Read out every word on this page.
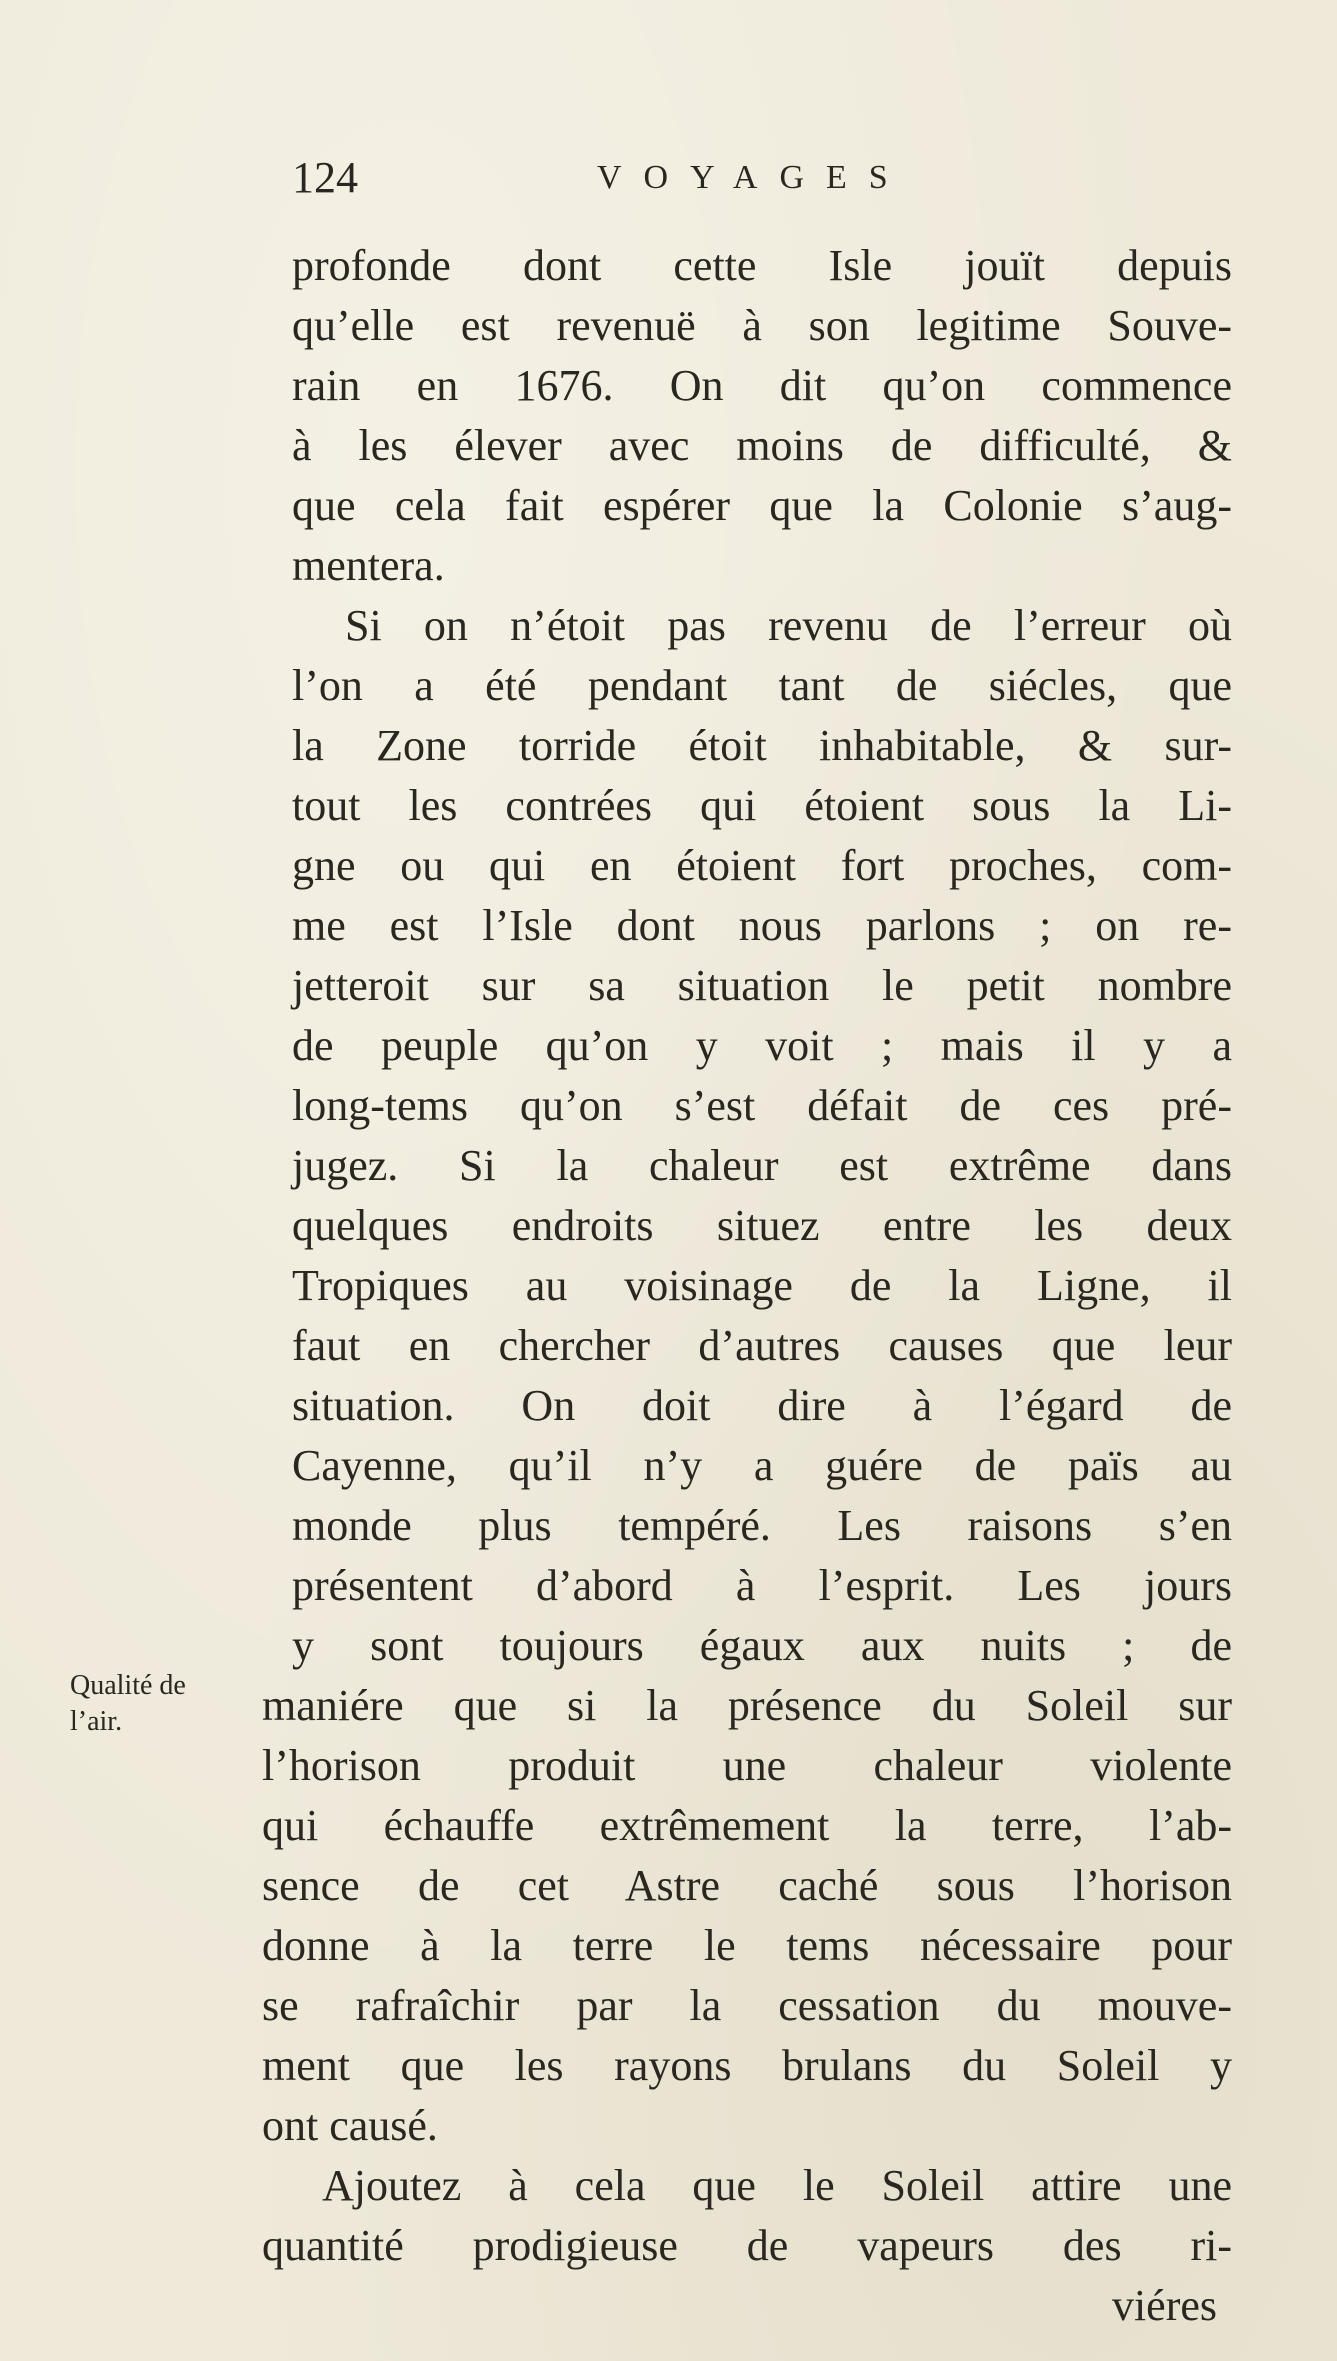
124	VOYAGES
profonde dont cette Isle jouït depuis
qu’elle est revenuë à son legitime Souve-
rain en 1676. On dit qu’on commence
à les élever avec moins de difficulté, &
que cela fait espérer que la Colonie s’aug-
mentera.
Si on n’étoit pas revenu de l’erreur où
l’on a été pendant tant de siécles, que
la Zone torride étoit inhabitable, & sur-
tout les contrées qui étoient sous la Li-
gne ou qui en étoient fort proches, com-
me est l’Isle dont nous parlons ; on re-
jetteroit sur sa situation le petit nombre
de peuple qu’on y voit ; mais il y a
long-tems qu’on s’est défait de ces pré-
jugez. Si la chaleur est extrême dans
quelques endroits situez entre les deux
Tropiques au voisinage de la Ligne, il
faut en chercher d’autres causes que leur
situation. On doit dire à l’égard de
Cayenne, qu’il n’y a guére de païs au
monde plus tempéré. Les raisons s’en
présentent d’abord à l’esprit. Les jours
y sont toujours égaux aux nuits ; de
maniére que si la présence du Soleil sur
l’horison produit une chaleur violente
qui échauffe extrêmement la terre, l’ab-
sence de cet Astre caché sous l’horison
donne à la terre le tems nécessaire pour
se rafraîchir par la cessation du mouve-
ment que les rayons brulans du Soleil y
ont causé.
Ajoutez à cela que le Soleil attire une
quantité prodigieuse de vapeurs des ri-
viéres
Qualité de
l’air.
